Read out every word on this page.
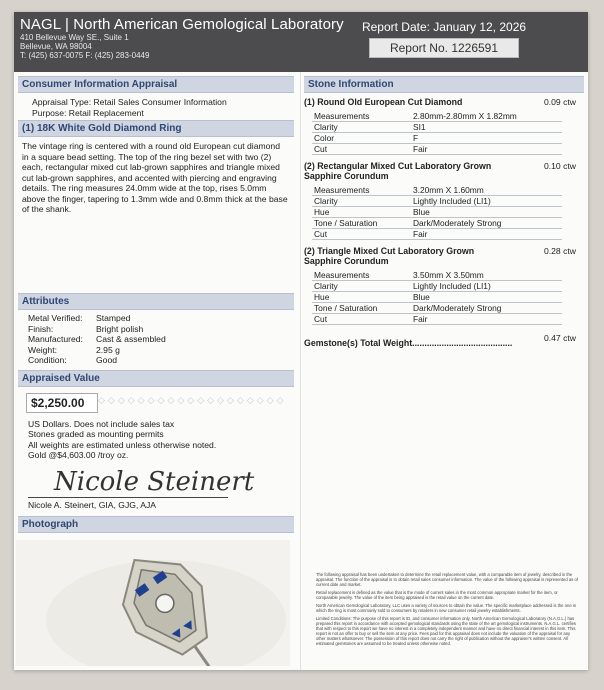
NAGL | North American Gemological Laboratory
410 Bellevue Way SE., Suite 1
Bellevue, WA 98004
T: (425) 637-0075 F: (425) 283-0449
Report Date: January 12, 2026
Report No. 1226591
Consumer Information Appraisal
Appraisal Type: Retail Sales Consumer Information
Purpose: Retail Replacement
(1) 18K White Gold Diamond Ring
The vintage ring is centered with a round old European cut diamond in a square bead setting. The top of the ring bezel set with two (2) each, rectangular mixed cut lab-grown sapphires and triangle mixed cut lab-grown sapphires, and accented with piercing and engraving details. The ring measures 24.0mm wide at the top, rises 5.0mm above the finger, tapering to 1.3mm wide and 0.8mm thick at the base of the shank.
Attributes
Metal Verified:	Stamped
Finish:	Bright polish
Manufactured:	Cast & assembled
Weight:	2.95 g
Condition:	Good
Appraised Value
$2,250.00	◇◇◇◇◇◇◇◇◇◇◇◇◇◇◇◇◇◇◇
US Dollars. Does not include sales tax
Stones graded as mounting permits
All weights are estimated unless otherwise noted.
Gold @$4,603.00 /troy oz.
Nicole Steinert
Nicole A. Steinert, GIA, GJG, AJA
Photograph
Stone Information
(1) Round Old European Cut Diamond	0.09 ctw
Measurements	2.80mm-2.80mm X 1.82mm
Clarity	SI1
Color	F
Cut	Fair
(2) Rectangular Mixed Cut Laboratory Grown Sapphire Corundum
0.10 ctw
Measurements	3.20mm X 1.60mm
Clarity	Lightly Included (LI1)
Hue	Blue
Tone / Saturation	Dark/Moderately Strong
Cut	Fair
(2) Triangle Mixed Cut Laboratory Grown Sapphire Corundum
0.28 ctw
Measurements	3.50mm X 3.50mm
Clarity	Lightly Included (LI1)
Hue	Blue
Tone / Saturation	Dark/Moderately Strong
Cut	Fair
Gemstone(s) Total Weight.........................................	0.47 ctw

The following appraisal has been undertaken to determine the retail replacement value, with a comparable item of jewelry, described in the appraisal. The function of the appraisal is to obtain retail sales consumer information. The value of the following appraisal is represented as of current date and market.

Retail replacement is defined as the value that is the mode of current sales in the most common appropriate market for the item, or comparable jewelry. The value of the item being appraised is the retail value on the current date.

North American Gemological Laboratory, LLC uses a variety of sources to obtain the value. The specific marketplace addressed is the one in which the ring is most commonly sold to consumers by retailers in new consumer retail jewelry establishments.

Limited Conditions: The purpose of this report is ID, and consumer information only. North American Gemological Laboratory (N.A.G.L.) has prepared this report in accordance with accepted gemological standards using the state of the art gemological instruments. N.A.G.L. certifies that with respect to this report we have no interest in a completely independent manner and have no direct financial interest in this item. This report is not an offer to buy or sell the item at any price. Fees paid for this appraisal does not include the valuation of the appraisal for any other matters whatsoever. The possession of this report does not carry the right of publication without the appraiser's written consent. All estimated gemstones are assumed to be treated unless otherwise noted.
